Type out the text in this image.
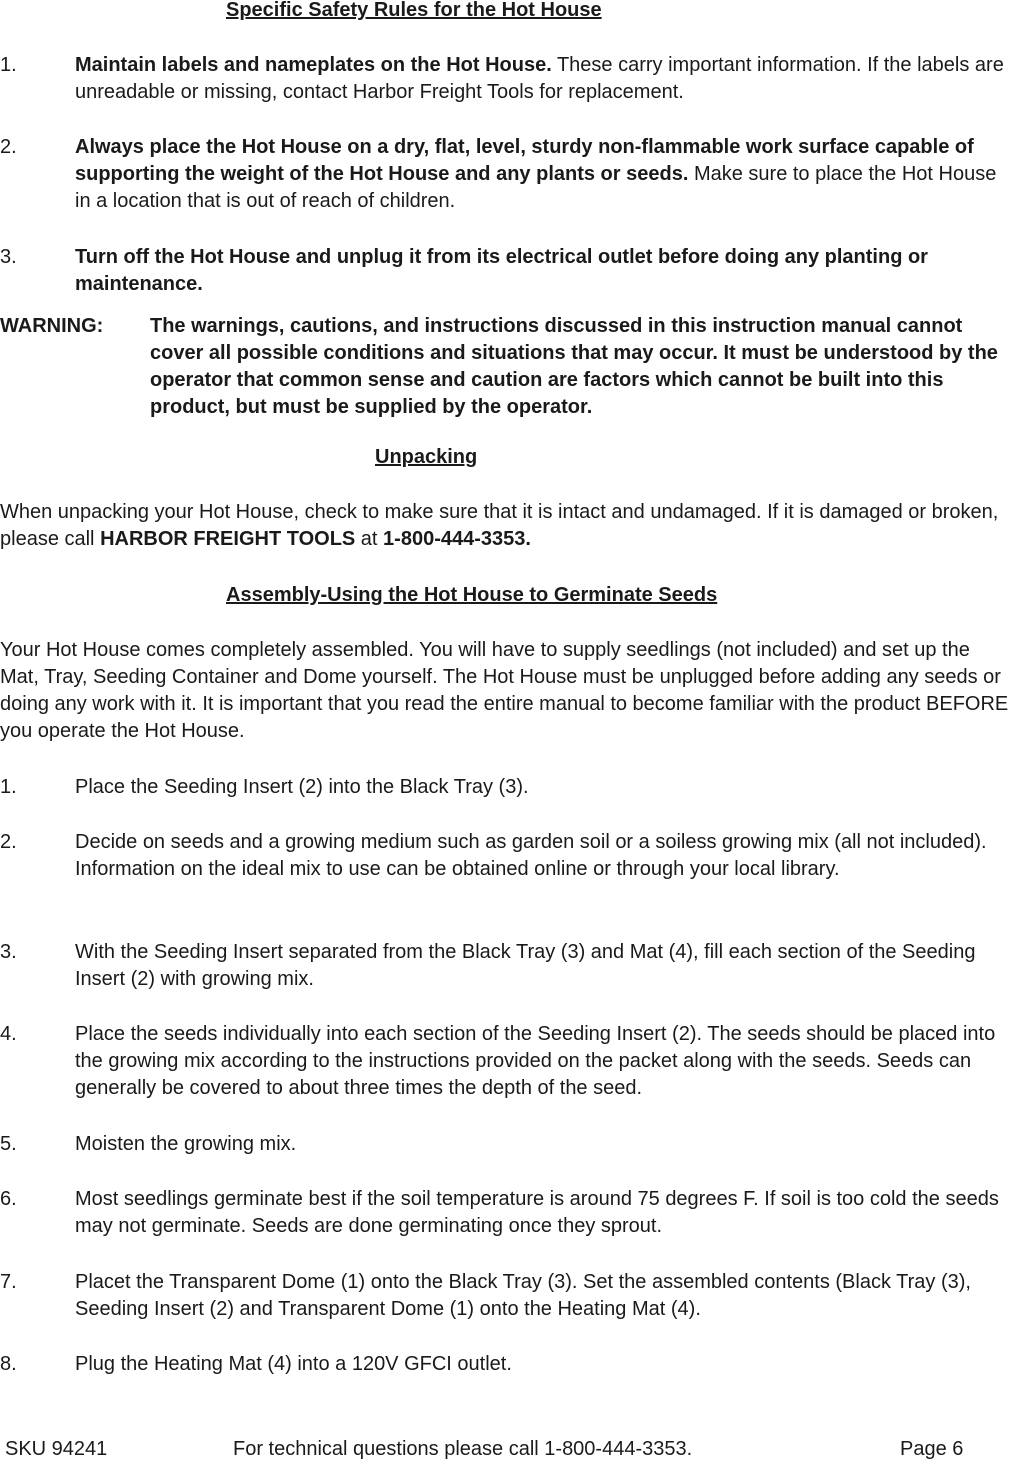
Specific Safety Rules for the Hot House
1.	Maintain labels and nameplates on the Hot House. These carry important information. If the labels are unreadable or missing, contact Harbor Freight Tools for replacement.
2.	Always place the Hot House on a dry, flat, level, sturdy non-flammable work surface capable of supporting the weight of the Hot House and any plants or seeds. Make sure to place the Hot House in a location that is out of reach of children.
3.	Turn off the Hot House and unplug it from its electrical outlet before doing any planting or maintenance.
WARNING: The warnings, cautions, and instructions discussed in this instruction manual cannot cover all possible conditions and situations that may occur. It must be understood by the operator that common sense and caution are factors which cannot be built into this product, but must be supplied by the operator.
Unpacking
When unpacking your Hot House, check to make sure that it is intact and undamaged. If it is damaged or broken, please call HARBOR FREIGHT TOOLS at 1-800-444-3353.
Assembly-Using the Hot House to Germinate Seeds
Your Hot House comes completely assembled. You will have to supply seedlings (not included) and set up the Mat, Tray, Seeding Container and Dome yourself. The Hot House must be unplugged before adding any seeds or doing any work with it. It is important that you read the entire manual to become familiar with the product BEFORE you operate the Hot House.
1.	Place the Seeding Insert (2) into the Black Tray (3).
2.	Decide on seeds and a growing medium such as garden soil or a soiless growing mix (all not included). Information on the ideal mix to use can be obtained online or through your local library.
3.	With the Seeding Insert separated from the Black Tray (3) and Mat (4), fill each section of the Seeding Insert (2) with growing mix.
4.	Place the seeds individually into each section of the Seeding Insert (2). The seeds should be placed into the growing mix according to the instructions provided on the packet along with the seeds. Seeds can generally be covered to about three times the depth of the seed.
5.	Moisten the growing mix.
6.	Most seedlings germinate best if the soil temperature is around 75 degrees F. If soil is too cold the seeds may not germinate. Seeds are done germinating once they sprout.
7.	Placet the Transparent Dome (1) onto the Black Tray (3). Set the assembled contents (Black Tray (3), Seeding Insert (2) and Transparent Dome (1) onto the Heating Mat (4).
8.	Plug the Heating Mat (4) into a 120V GFCI outlet.
SKU 94241	For technical questions please call 1-800-444-3353.	Page 6
